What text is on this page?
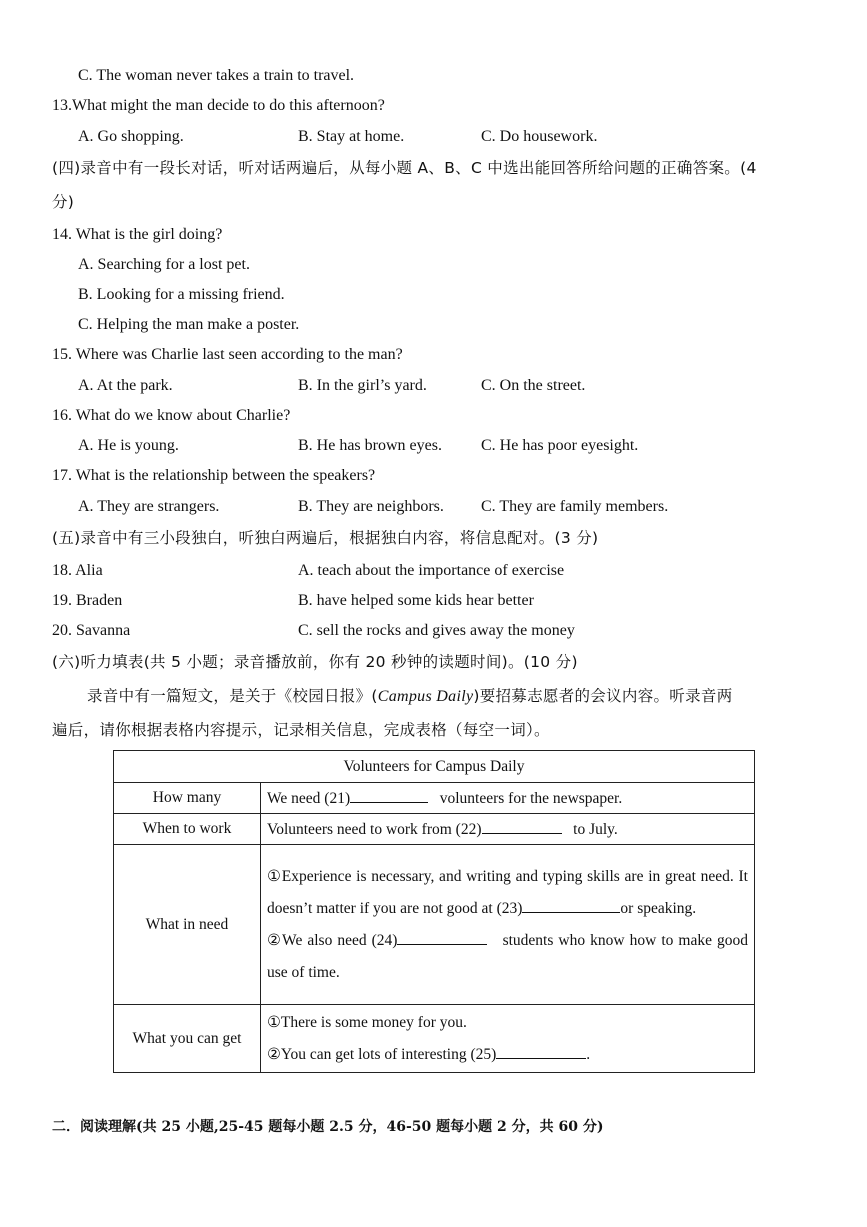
C. The woman never takes a train to travel.
13.What might the man decide to do this afternoon?
A. Go shopping.	B. Stay at home.	C. Do housework.
(四)录音中有一段长对话，听对话两遍后，从每小题 A、B、C 中选出能回答所给问题的正确答案。(4
分)
14. What is the girl doing?
A. Searching for a lost pet.
B. Looking for a missing friend.
C. Helping the man make a poster.
15. Where was Charlie last seen according to the man?
A. At the park.	B. In the girl’s yard.	C. On the street.
16. What do we know about Charlie?
A. He is young.	B. He has brown eyes. C. He has poor eyesight.
17. What is the relationship between the speakers?
A. They are strangers.	B. They are neighbors. C. They are family members.
(五)录音中有三小段独白，听独白两遍后，根据独白内容，将信息配对。(3 分)
18. Alia	A. teach about the importance of exercise
19. Braden	B. have helped some kids hear better
20. Savanna	C. sell the rocks and gives away the money
(六)听力填表(共 5 小题；录音播放前，你有 20 秒钟的读题时间)。(10 分)
录音中有一篇短文，是关于《校园日报》(Campus Daily)要招募志愿者的会议内容。听录音两
遍后，请你根据表格内容提示，记录相关信息，完成表格（每空一词）。
Volunteers for Campus Daily	
How many	We need (21) volunteers for the newspaper.
When to work	Volunteers need to work from (22) to July.
What in need	①Experience is necessary, and writing and typing skills are in great need. It doesn’t matter if you are not good at (23) or speaking.
②We also need (24) students who know how to make good use of time.
What you can get	①There is some money for you.
②You can get lots of interesting (25) .
二．阅读理解(共 25 小题,25-45 题每小题 2.5 分，46-50 题每小题 2 分，共 60 分)
